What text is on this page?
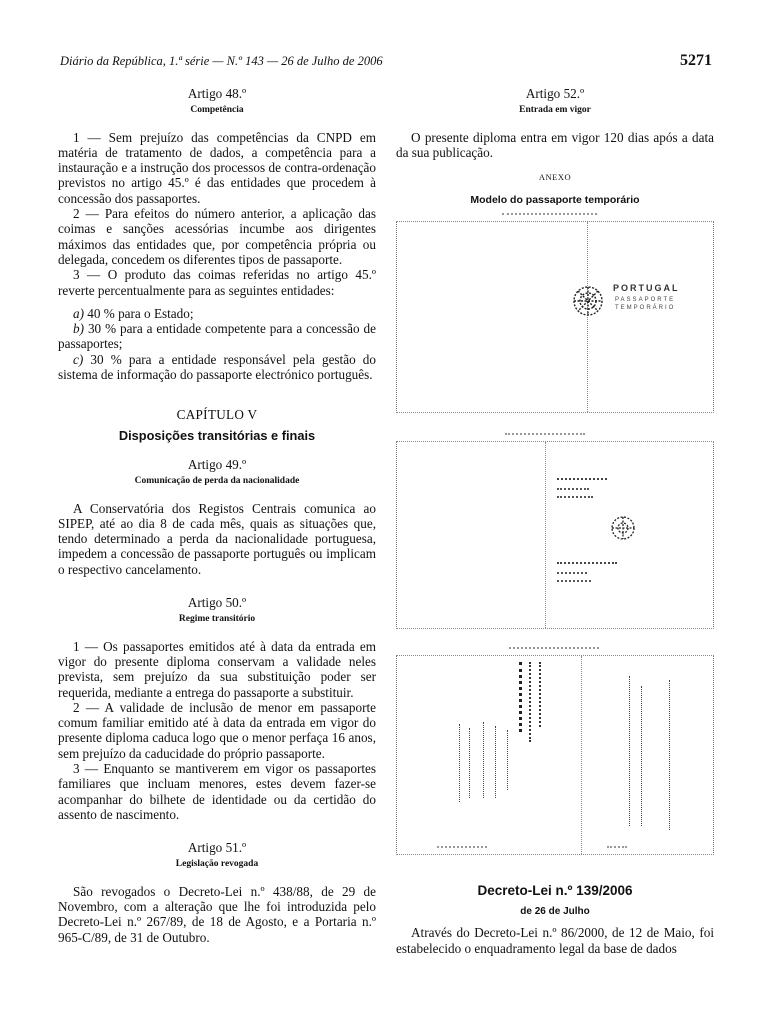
Diário da República, 1.ª série — N.º 143 — 26 de Julho de 2006	5271

Artigo 48.º

Competência

1 — Sem prejuízo das competências da CNPD em matéria de tratamento de dados, a competência para a instauração e a instrução dos processos de contra-ordenação previstos no artigo 45.º é das entidades que procedem à concessão dos passaportes.

2 — Para efeitos do número anterior, a aplicação das coimas e sanções acessórias incumbe aos dirigentes máximos das entidades que, por competência própria ou delegada, concedem os diferentes tipos de passaporte.

3 — O produto das coimas referidas no artigo 45.º reverte percentualmente para as seguintes entidades:

a) 40 % para o Estado;

b) 30 % para a entidade competente para a concessão de passaportes;

c) 30 % para a entidade responsável pela gestão do sistema de informação do passaporte electrónico português.

CAPÍTULO V

Disposições transitórias e finais

Artigo 49.º

Comunicação de perda da nacionalidade

A Conservatória dos Registos Centrais comunica ao SIPEP, até ao dia 8 de cada mês, quais as situações que, tendo determinado a perda da nacionalidade portuguesa, impedem a concessão de passaporte português ou implicam o respectivo cancelamento.

Artigo 50.º

Regime transitório

1 — Os passaportes emitidos até à data da entrada em vigor do presente diploma conservam a validade neles prevista, sem prejuízo da sua substituição poder ser requerida, mediante a entrega do passaporte a substituir.

2 — A validade de inclusão de menor em passaporte comum familiar emitido até à data da entrada em vigor do presente diploma caduca logo que o menor perfaça 16 anos, sem prejuízo da caducidade do próprio passaporte.

3 — Enquanto se mantiverem em vigor os passaportes familiares que incluam menores, estes devem fazer-se acompanhar do bilhete de identidade ou da certidão do assento de nascimento.

Artigo 51.º

Legislação revogada

São revogados o Decreto-Lei n.º 438/88, de 29 de Novembro, com a alteração que lhe foi introduzida pelo Decreto-Lei n.º 267/89, de 18 de Agosto, e a Portaria n.º 965-C/89, de 31 de Outubro.

Artigo 52.º

Entrada em vigor

O presente diploma entra em vigor 120 dias após a data da sua publicação.

ANEXO

Modelo do passaporte temporário

PORTUGAL
PASSAPORTE
TEMPORÁRIO

Decreto-Lei n.º 139/2006

de 26 de Julho

Através do Decreto-Lei n.º 86/2000, de 12 de Maio, foi estabelecido o enquadramento legal da base de dados
